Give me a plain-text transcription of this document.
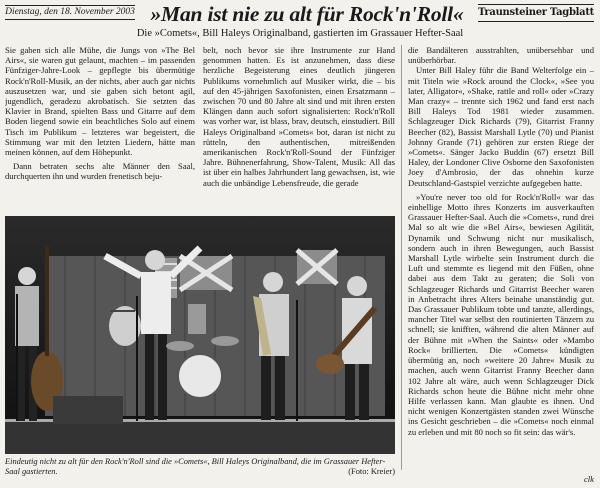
Dienstag, den 18. November 2003 »Man ist nie zu alt für Rock'n'Roll«	Traunsteiner Tagblatt
Die »Comets«, Bill Haleys Originalband, gastierten im Grassauer Hefter-Saal

Sie gaben sich alle Mühe, die Jungs von »The Bel Airs«, sie waren gut gelaunt, machten – im passenden Fünfziger-Jahre-Look – gepflegte bis übermütige Rock'n'Roll-Musik, an der nichts, aber auch gar nichts auszusetzen war, und sie gaben sich betont agil, jugendlich, geradezu akrobatisch. Sie setzten das Klavier in Brand, spielten Bass und Gitarre auf dem Boden liegend sowie ein beachtliches Solo auf einem Tisch im Publikum – letzteres war begeistert, die Stimmung war mit den letzten Liedern, hätte man meinen können, auf dem Höhepunkt.

Dann betraten sechs alte Männer den Saal, durchquerten ihn und wurden frenetisch beju-

belt, noch bevor sie ihre Instrumente zur Hand genommen hatten. Es ist anzunehmen, dass diese herzliche Begeisterung eines deutlich jüngeren Publikums vornehmlich auf Musiker wirkt, die – bis auf den 45-jährigen Saxofonisten, einen Ersatzmann – zwischen 70 und 80 Jahre alt sind und mit ihren ersten Klängen dann auch sofort signalisierten: Rock'n'Roll was vorher war, ist blass, brav, deutsch, einstudiert. Bill Haleys Originalband »Comets« bot, daran ist nicht zu rütteln, den authentischen, mitreißenden amerikanischen Rock'n'Roll-Sound der Fünfziger Jahre. Bühnenerfahrung, Show-Talent, Musik: All das ist über ein halbes Jahrhundert lang gewachsen, ist, wie auch die unbändige Lebensfreude, die gerade

die Bandälteren ausstrahlten, unübersehbar und unüberhörbar.

Unter Bill Haley führ die Band Welterfolge ein – mit Titeln wie »Rock around the Clock«, »See you later, Alligator«, »Shake, rattle and roll« oder »Crazy Man crazy« – trennte sich 1962 und fand erst nach Bill Haleys Tod 1981 wieder zusammen. Schlagzeuger Dick Richards (79), Gitarrist Franny Beecher (82), Bassist Marshall Lytle (70) und Pianist Johnny Grande (71) gehören zur ersten Riege der »Comets«. Sänger Jacko Buddin (67) ersetzt Bill Haley, der Londoner Clive Osborne den Saxofonisten Joey d'Ambrosio, der das ohnehin kurze Deutschland-Gastspiel verzichte aufgegeben hatte.

»You're never too old for Rock'n'Roll« war das einhellige Motto ihres Konzerts im ausverkauften Grassauer Hefter-Saal. Auch die »Comets«, rund drei Mal so alt wie die »Bel Airs«, bewiesen Agilität, Dynamik und Schwung nicht nur musikalisch, sondern auch in ihren Bewegungen, auch Bassist Marshall Lytle wirbelte sein Instrument durch die Luft und stemmte es liegend mit den Füßen, ohne dabei aus dem Takt zu geraten; die Soli von Schlagzeuger Richards und Gitarrist Beecher waren in Anbetracht ihres Alters beinahe unanständig gut. Das Grassauer Publikum tobte und tanzte, allerdings, mancher Titel war selbst den routinierten Tänzern zu schnell; sie knifften, während die alten Männer auf der Bühne mit »When the Saints« oder »Mambo Rock« brillierten. Die »Comets« kündigten übermütig an, noch »weitere 20 Jahre« Musik zu machen, auch wenn Gitarrist Franny Beecher dann 102 Jahre alt wäre, auch wenn Schlagzeuger Dick Richards schon heute die Bühne nicht mehr ohne Hilfe verlassen kann. Man glaubte es ihnen. Und nicht wenigen Konzertgästen standen zwei Wünsche ins Gesicht geschrieben – die »Comets« noch einmal zu erleben und mit 80 noch so fit sein: das wär's.

Eindeutig nicht zu alt für den Rock'n'Roll sind die »Comets«, Bill Haleys Originalband, die im Grassauer Hefter-Saal gastierten.	(Foto: Kreier)
clk
